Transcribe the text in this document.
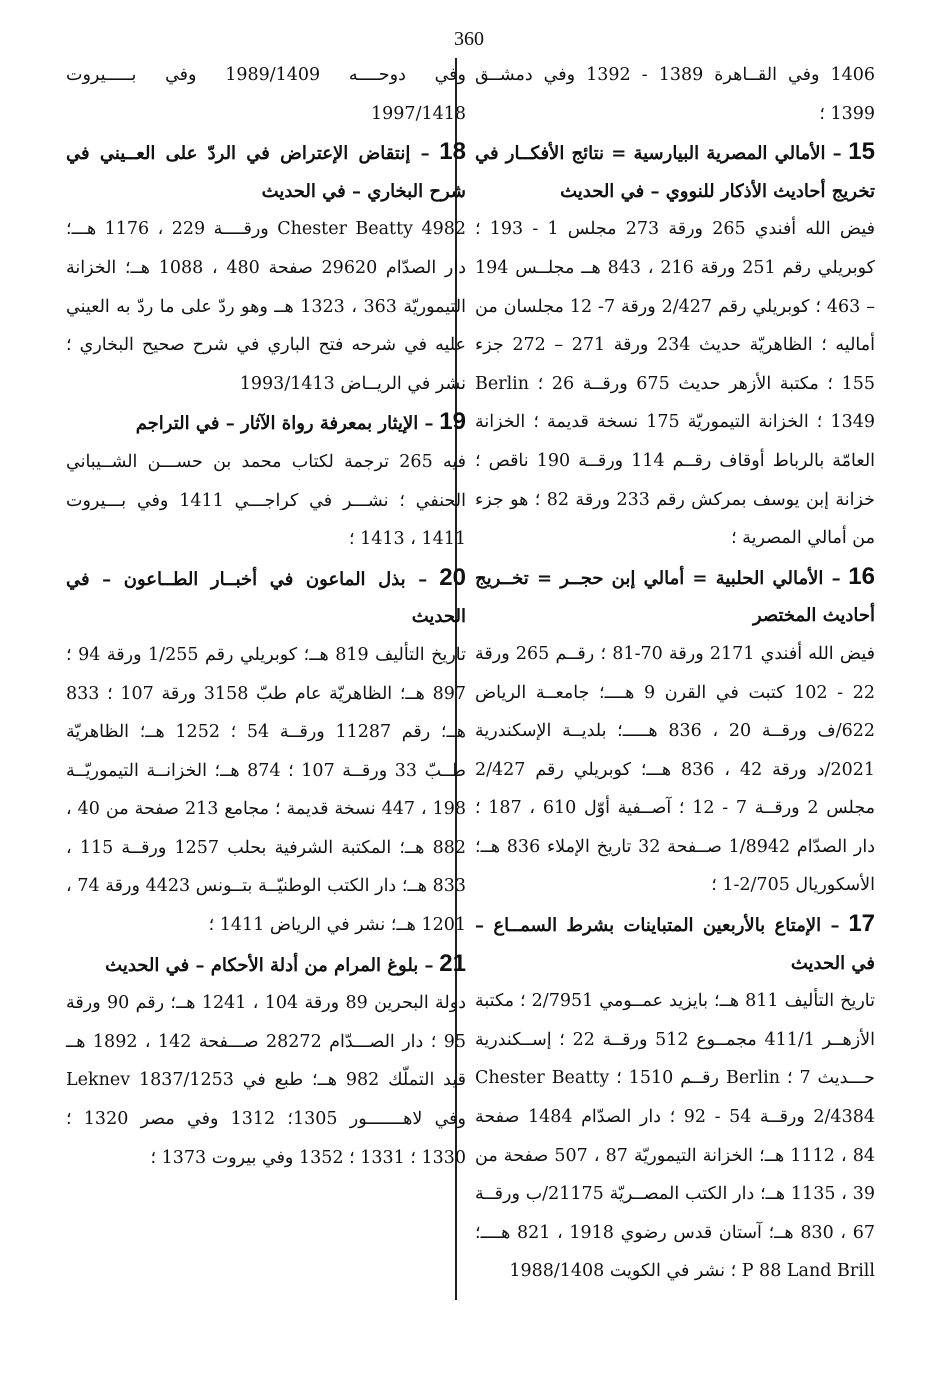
360

1406 وفي القــاهرة 1389 - 1392 وفي دمشــق 1399 ؛

15 – الأمالي المصرية البيارسية = نتائج الأفكــار في تخريج أحاديث الأذكار للنووي – في الحديث
فيض الله أفندي 265 ورقة 273 مجلس 1 - 193 ؛ كوبريلي رقم 251 ورقة 216 ، 843 هــ مجلــس 194 – 463 ؛ كوبريلي رقم 2/427 ورقة 7- 12 مجلسان من أماليه ؛ الظاهريّة حديث 234 ورقة 271 – 272 جزء 155 ؛ مكتبة الأزهر حديث 675 ورقــة 26 ؛ Berlin 1349 ؛ الخزانة التيموريّة 175 نسخة قديمة ؛ الخزانة العامّة بالرباط أوقاف رقــم 114 ورقــة 190 ناقص ؛ خزانة إبن يوسف بمركش رقم 233 ورقة 82 ؛ هو جزء من أمالي المصرية ؛

16 – الأمالي الحلبية = أمالي إبن حجــر = تخــريج أحاديث المختصر
فيض الله أفندي 2171 ورقة 70-81 ؛ رقــم 265 ورقة 22 - 102 كتبت في القرن 9 هــــ؛ جامعــة الرياض 622/ف ورقــة 20 ، 836 هـــــ؛ بلديــة الإسكندرية 2021/د ورقة 42 ، 836 هـــ؛ كوبريلي رقم 2/427 مجلس 2 ورقــة 7 - 12 ؛ آصــفية أوّل 610 ، 187 ؛ دار الصدّام 1/8942 صــفحة 32 تاريخ الإملاء 836 هــ؛ الأسكوريال 2/705-1 ؛

17 – الإمتاع بالأربعين المتباينات بشرط السمــاع – في الحديث
تاريخ التأليف 811 هــ؛ بايزيد عمــومي 2/7951 ؛ مكتبة الأزهــر 411/1 مجمــوع 512 ورقــة 22 ؛ إســكندرية حـــديث 7 ؛ Berlin رقــم 1510 ؛ Chester Beatty 2/4384 ورقــة 54 - 92 ؛ دار الصدّام 1484 صفحة 84 ، 1112 هــ؛ الخزانة التيموريّة 87 ، 507 صفحة من 39 ، 1135 هــ؛ دار الكتب المصــريّة 21175/ب ورقــة 67 ، 830 هــ؛ آستان قدس رضوي 1918 ، 821 هــــ؛ P 88 Land Brill ؛ نشر في الكويت 1988/1408

وفي دوحــــه 1989/1409 وفي بـــــيروت 1997/1418

18 – إنتقاض الإعتراض في الردّ على العــيني في شرح البخاري – في الحديث
Chester Beatty 4982 ورقــــة 229 ، 1176 هـــ؛ دار الصدّام 29620 صفحة 480 ، 1088 هــ؛ الخزانة التيموريّة 363 ، 1323 هــ وهو ردّ على ما ردّ به العيني عليه في شرحه فتح الباري في شرح صحيح البخاري ؛ نشر في الريــاض 1993/1413

19 – الإيثار بمعرفة رواة الآثار – في التراجم
فيه 265 ترجمة لكتاب محمد بن حســـن الشــيباني الحنفي ؛ نشـــر في كراجـــي 1411 وفي بـــيروت 1411 ، 1413 ؛

20 – بذل الماعون في أخبــار الطــاعون – في الحديث
تاريخ التأليف 819 هــ؛ كوبريلي رقم 1/255 ورقة 94 ؛ 897 هــ؛ الظاهريّة عام طبّ 3158 ورقة 107 ؛ 833 هــ؛ رقم 11287 ورقــة 54 ؛ 1252 هــ؛ الظاهريّة طــبّ 33 ورقــة 107 ؛ 874 هــ؛ الخزانــة التيموريّــة 198 ، 447 نسخة قديمة ؛ مجامع 213 صفحة من 40 ، 882 هــ؛ المكتبة الشرفية بحلب 1257 ورقــة 115 ، 833 هــ؛ دار الكتب الوطنيّــة بتــونس 4423 ورقة 74 ، 1201 هــ؛ نشر في الرياض 1411 ؛

21 – بلوغ المرام من أدلة الأحكام – في الحديث
دولة البحرين 89 ورقة 104 ، 1241 هــ؛ رقم 90 ورقة 95 ؛ دار الصـــدّام 28272 صـــفحة 142 ، 1892 هــ قيد التملّك 982 هــ؛ طبع في Leknev 1837/1253 وفي لاهـــــــور 1305؛ 1312 وفي مصر 1320 ؛ 1330 ؛ 1331 ؛ 1352 وفي بيروت 1373 ؛
